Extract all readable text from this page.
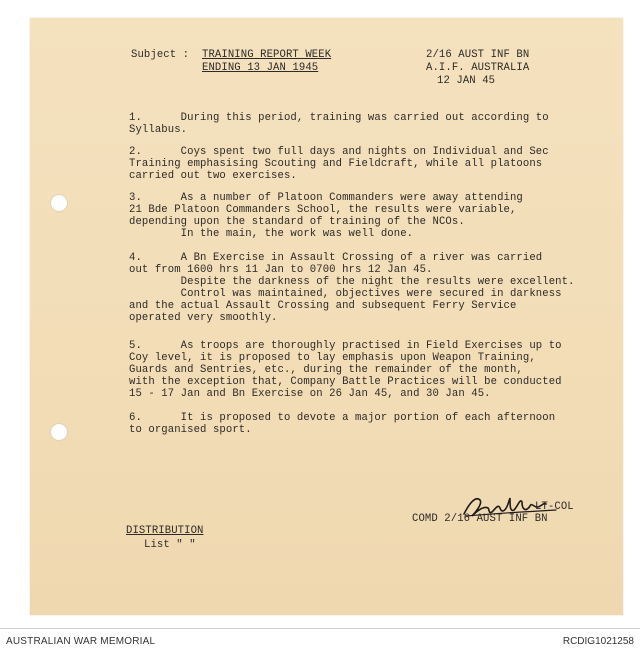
Subject : TRAINING REPORT WEEK
ENDING 13 JAN 1945
2/16 AUST INF BN
A.I.F. AUSTRALIA
12 JAN 45
1.      During this period, training was carried out according to
Syllabus.
2.      Coys spent two full days and nights on Individual and Sec
Training emphasising Scouting and Fieldcraft, while all platoons
carried out two exercises.
3.      As a number of Platoon Commanders were away attending
21 Bde Platoon Commanders School, the results were variable,
depending upon the standard of training of the NCOs.
In the main, the work was well done.
4.      A Bn Exercise in Assault Crossing of a river was carried
out from 1600 hrs 11 Jan to 0700 hrs 12 Jan 45.
Despite the darkness of the night the results were excellent.
Control was maintained, objectives were secured in darkness
and the actual Assault Crossing and subsequent Ferry Service
operated very smoothly.
5.      As troops are thoroughly practised in Field Exercises up to
Coy level, it is proposed to lay emphasis upon Weapon Training,
Guards and Sentries, etc., during the remainder of the month,
with the exception that, Company Battle Practices will be conducted
15 - 17 Jan and Bn Exercise on 26 Jan 45, and 30 Jan 45.
6.      It is proposed to devote a major portion of each afternoon
to organised sport.
LT-COL
COMD 2/16 AUST INF BN
DISTRIBUTION
List " "
AUSTRALIAN WAR MEMORIAL	RCDIG1021258
